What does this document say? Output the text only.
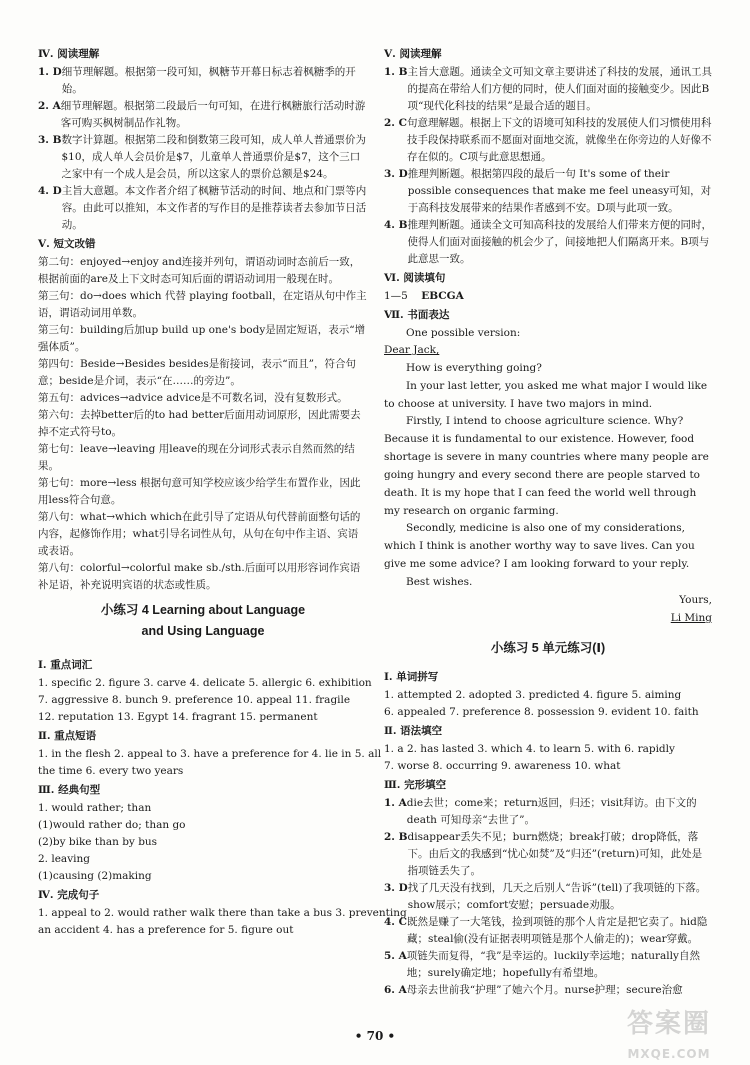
Ⅳ. 阅读理解
1. D 细节理解题。根据第一段可知，枫糖节开幕日标志着枫糖季的开始。
2. A 细节理解题。根据第二段最后一句可知，在进行枫糖旅行活动时游客可购买枫树制品作礼物。
3. B 数字计算题。根据第二段和倒数第三段可知，成人单人普通票价为$10，成人单人会员价是$7，儿童单人普通票价是$7，这个三口之家中有一个成人是会员，所以这家人的票价总额是$24。
4. D 主旨大意题。本文作者介绍了枫糖节活动的时间、地点和门票等内容。由此可以推知，本文作者的写作目的是推荐读者去参加节日活动。
Ⅴ. 短文改错
第二句：enjoyed→enjoy and连接并列句，谓语动词时态前后一致，根据前面的are及上下文时态可知后面的谓语动词用一般现在时。
第三句：do→does which 代替 playing football，在定语从句中作主语，谓语动词用单数。
第三句：building后加up build up one's body是固定短语，表示“增强体质”。
第四句：Beside→Besides besides是衔接词，表示“而且”，符合句意；beside是介词，表示“在……的旁边”。
第五句：advices→advice advice是不可数名词，没有复数形式。
第六句：去掉better后的to had better后面用动词原形，因此需要去掉不定式符号to。
第七句：leave→leaving 用leave的现在分词形式表示自然而然的结果。
第七句：more→less 根据句意可知学校应该少给学生布置作业，因此用less符合句意。
第八句：what→which which在此引导了定语从句代替前面整句话的内容，起修饰作用；what引导名词性从句，从句在句中作主语、宾语或表语。
第八句：colorful→colorful make sb./sth.后面可以用形容词作宾语补足语，补充说明宾语的状态或性质。
小练习 4 Learning about Language
and Using Language
Ⅰ. 重点词汇
1. specific 2. figure 3. carve 4. delicate 5. allergic 6. exhibition
7. aggressive 8. bunch 9. preference 10. appeal 11. fragile
12. reputation 13. Egypt 14. fragrant 15. permanent
Ⅱ. 重点短语
1. in the flesh 2. appeal to 3. have a preference for 4. lie in 5. all
the time 6. every two years
Ⅲ. 经典句型
1. would rather; than
(1)would rather do; than go
(2)by bike than by bus
2. leaving
(1)causing (2)making
Ⅳ. 完成句子
1. appeal to 2. would rather walk there than take a bus 3. preventing
an accident 4. has a preference for 5. figure out
Ⅴ. 阅读理解
1. B 主旨大意题。通读全文可知文章主要讲述了科技的发展，通讯工具的提高在带给人们方便的同时，使人们面对面的接触变少。因此B项“现代化科技的结果”是最合适的题目。
2. C 句意理解题。根据上下文的语境可知科技的发展使人们习惯使用科技手段保持联系而不愿面对面地交流，就像坐在你旁边的人好像不存在似的。C项与此意思想通。
3. D 推理判断题。根据第四段的最后一句 It's some of their possible consequences that make me feel uneasy可知，对于高科技发展带来的结果作者感到不安。D项与此项一致。
4. B 推理判断题。通读全文可知高科技的发展给人们带来方便的同时，使得人们面对面接触的机会少了，间接地把人们隔离开来。B项与此意思一致。
Ⅵ. 阅读填句
1—5 EBCGA
Ⅶ. 书面表达
One possible version:

Dear Jack,

How is everything going?

In your last letter, you asked me what major I would like to choose at university. I have two majors in mind.

Firstly, I intend to choose agriculture science. Why? Because it is fundamental to our existence. However, food shortage is severe in many countries where many people are going hungry and every second there are people starved to death. It is my hope that I can feed the world well through my research on organic farming.

Secondly, medicine is also one of my considerations, which I think is another worthy way to save lives. Can you give me some advice? I am looking forward to your reply.

Best wishes.

Yours,

Li Ming

小练习 5 单元练习(Ⅰ)
Ⅰ. 单词拼写
1. attempted 2. adopted 3. predicted 4. figure 5. aiming
6. appealed 7. preference 8. possession 9. evident 10. faith
Ⅱ. 语法填空
1. a 2. has lasted 3. which 4. to learn 5. with 6. rapidly
7. worse 8. occurring 9. awareness 10. what
Ⅲ. 完形填空
1. A die去世；come来；return返回，归还；visit拜访。由下文的 death 可知母亲“去世了”。
2. B disappear丢失不见；burn燃烧；break打破；drop降低，落下。由后文的我感到“忧心如焚”及“归还”(return)可知，此处是指项链丢失了。
3. D 找了几天没有找到，几天之后别人“告诉”(tell)了我项链的下落。show展示；comfort安慰；persuade劝服。
4. C 既然是赚了一大笔钱，捡到项链的那个人肯定是把它卖了。hid隐藏；steal偷(没有证据表明项链是那个人偷走的)；wear穿戴。
5. A 项链失而复得，“我”是幸运的。luckily幸运地；naturally自然地；surely确定地；hopefully有希望地。
6. A 母亲去世前我“护理”了她六个月。nurse护理；secure治愈
• 70 •	答案圈
MXQE.COM
